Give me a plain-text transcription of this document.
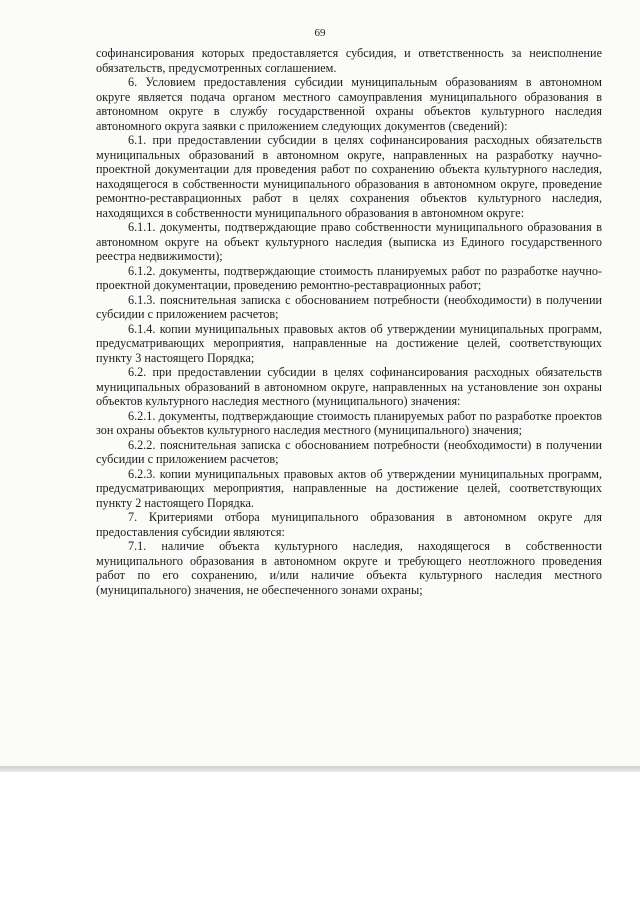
69

софинансирования которых предоставляется субсидия, и ответственность за неисполнение обязательств, предусмотренных соглашением.

6. Условием предоставления субсидии муниципальным образованиям в автономном округе является подача органом местного самоуправления муниципального образования в автономном округе в службу государственной охраны объектов культурного наследия автономного округа заявки с приложением следующих документов (сведений):

6.1. при предоставлении субсидии в целях софинансирования расходных обязательств муниципальных образований в автономном округе, направленных на разработку научно-проектной документации для проведения работ по сохранению объекта культурного наследия, находящегося в собственности муниципального образования в автономном округе, проведение ремонтно-реставрационных работ в целях сохранения объектов культурного наследия, находящихся в собственности муниципального образования в автономном округе:

6.1.1. документы, подтверждающие право собственности муниципального образования в автономном округе на объект культурного наследия (выписка из Единого государственного реестра недвижимости);

6.1.2. документы, подтверждающие стоимость планируемых работ по разработке научно-проектной документации, проведению ремонтно-реставрационных работ;

6.1.3. пояснительная записка с обоснованием потребности (необходимости) в получении субсидии с приложением расчетов;

6.1.4. копии муниципальных правовых актов об утверждении муниципальных программ, предусматривающих мероприятия, направленные на достижение целей, соответствующих пункту 3 настоящего Порядка;

6.2. при предоставлении субсидии в целях софинансирования расходных обязательств муниципальных образований в автономном округе, направленных на установление зон охраны объектов культурного наследия местного (муниципального) значения:

6.2.1. документы, подтверждающие стоимость планируемых работ по разработке проектов зон охраны объектов культурного наследия местного (муниципального) значения;

6.2.2. пояснительная записка с обоснованием потребности (необходимости) в получении субсидии с приложением расчетов;

6.2.3. копии муниципальных правовых актов об утверждении муниципальных программ, предусматривающих мероприятия, направленные на достижение целей, соответствующих пункту 2 настоящего Порядка.

7. Критериями отбора муниципального образования в автономном округе для предоставления субсидии являются:

7.1. наличие объекта культурного наследия, находящегося в собственности муниципального образования в автономном округе и требующего неотложного проведения работ по его сохранению, и/или наличие объекта культурного наследия местного (муниципального) значения, не обеспеченного зонами охраны;
